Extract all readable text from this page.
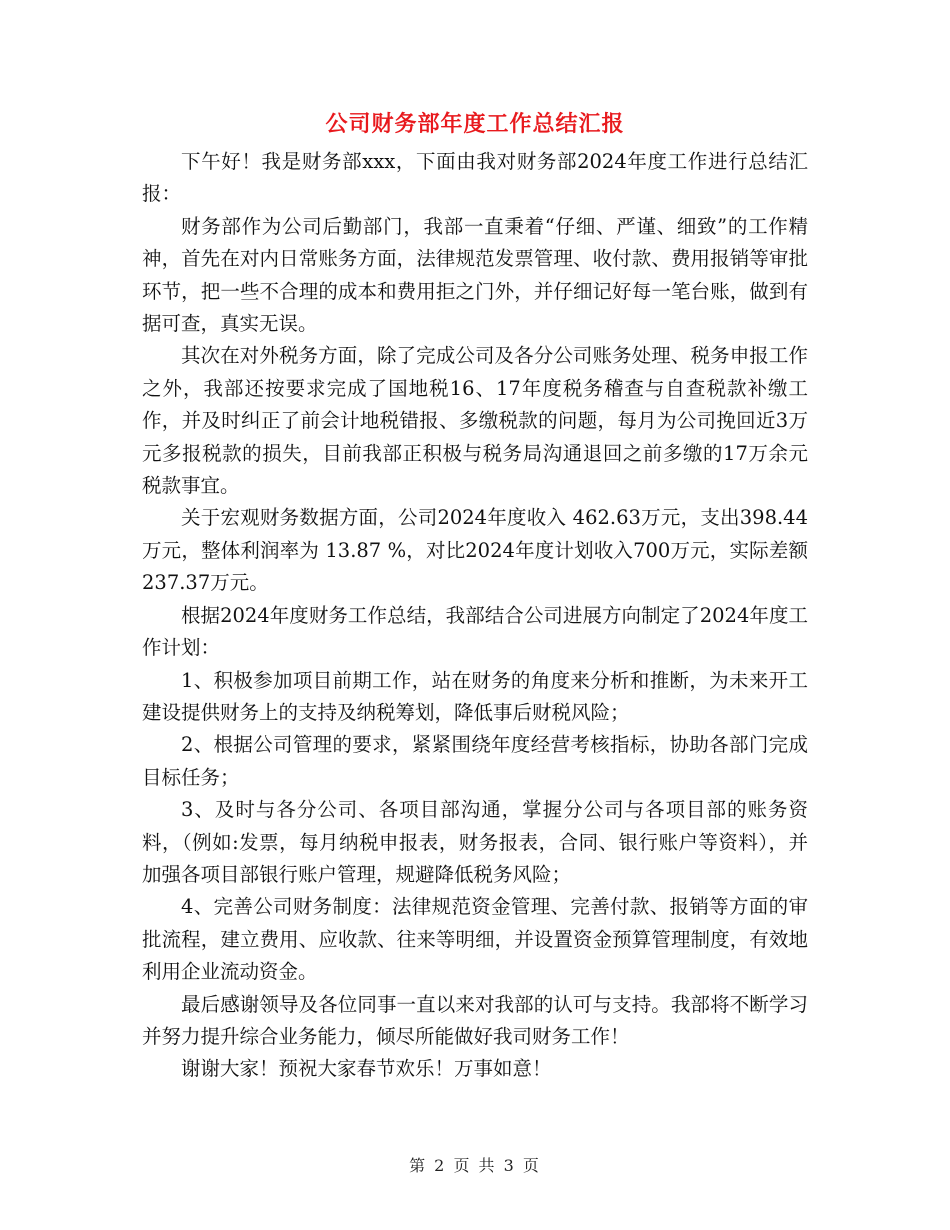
公司财务部年度工作总结汇报

下午好！我是财务部xxx，下面由我对财务部2024年度工作进行总结汇报：

财务部作为公司后勤部门，我部一直秉着“仔细、严谨、细致”的工作精神，首先在对内日常账务方面，法律规范发票管理、收付款、费用报销等审批环节，把一些不合理的成本和费用拒之门外，并仔细记好每一笔台账，做到有据可查，真实无误。

其次在对外税务方面，除了完成公司及各分公司账务处理、税务申报工作之外，我部还按要求完成了国地税16、17年度税务稽查与自查税款补缴工作，并及时纠正了前会计地税错报、多缴税款的问题，每月为公司挽回近3万元多报税款的损失，目前我部正积极与税务局沟通退回之前多缴的17万余元税款事宜。

关于宏观财务数据方面，公司2024年度收入 462.63万元，支出398.44万元，整体利润率为 13.87 %，对比2024年度计划收入700万元，实际差额 237.37万元。

根据2024年度财务工作总结，我部结合公司进展方向制定了2024年度工作计划：

1、积极参加项目前期工作，站在财务的角度来分析和推断，为未来开工建设提供财务上的支持及纳税筹划，降低事后财税风险；

2、根据公司管理的要求，紧紧围绕年度经营考核指标，协助各部门完成目标任务；

3、及时与各分公司、各项目部沟通，掌握分公司与各项目部的账务资料，（例如:发票，每月纳税申报表，财务报表，合同、银行账户等资料），并加强各项目部银行账户管理，规避降低税务风险；

4、完善公司财务制度：法律规范资金管理、完善付款、报销等方面的审批流程，建立费用、应收款、往来等明细，并设置资金预算管理制度，有效地利用企业流动资金。

最后感谢领导及各位同事一直以来对我部的认可与支持。我部将不断学习并努力提升综合业务能力，倾尽所能做好我司财务工作！

谢谢大家！预祝大家春节欢乐！万事如意！

第 2 页 共 3 页
